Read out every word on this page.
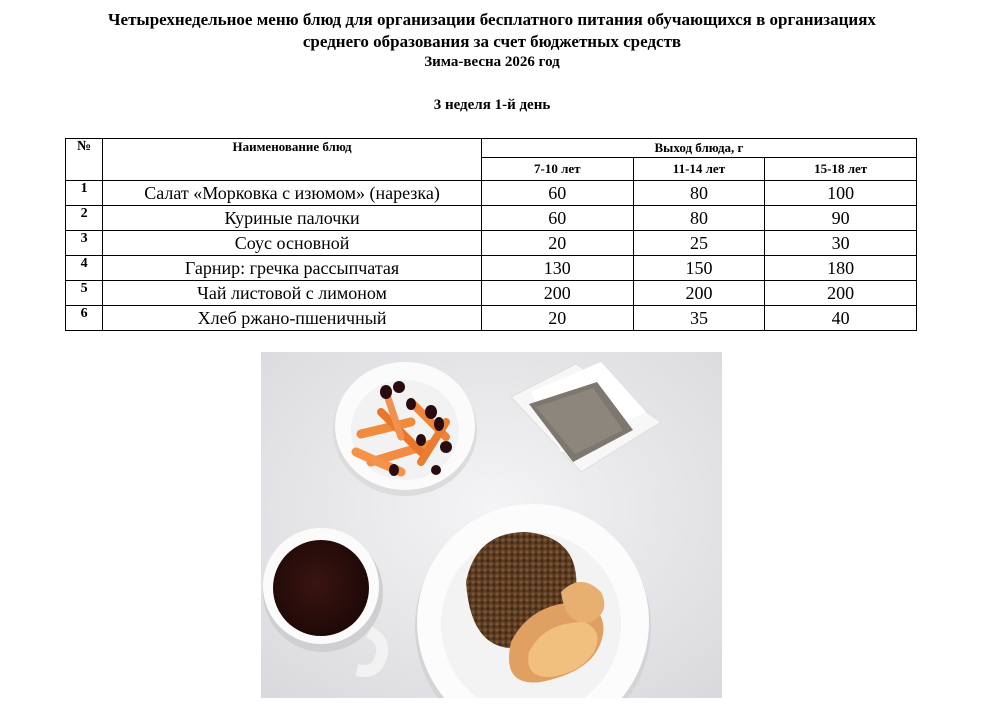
Четырехнедельное меню блюд для организации бесплатного питания обучающихся в организациях
среднего образования за счет бюджетных средств
Зима-весна 2026 год
3 неделя 1-й день
№	Наименование блюд	Выход блюда, г		
		7-10 лет	11-14 лет	15-18 лет
1	Салат «Морковка с изюмом» (нарезка)	60	80	100
2	Куриные палочки	60	80	90
3	Соус основной	20	25	30
4	Гарнир: гречка рассыпчатая	130	150	180
5	Чай листовой с лимоном	200	200	200
6	Хлеб ржано-пшеничный	20	35	40
